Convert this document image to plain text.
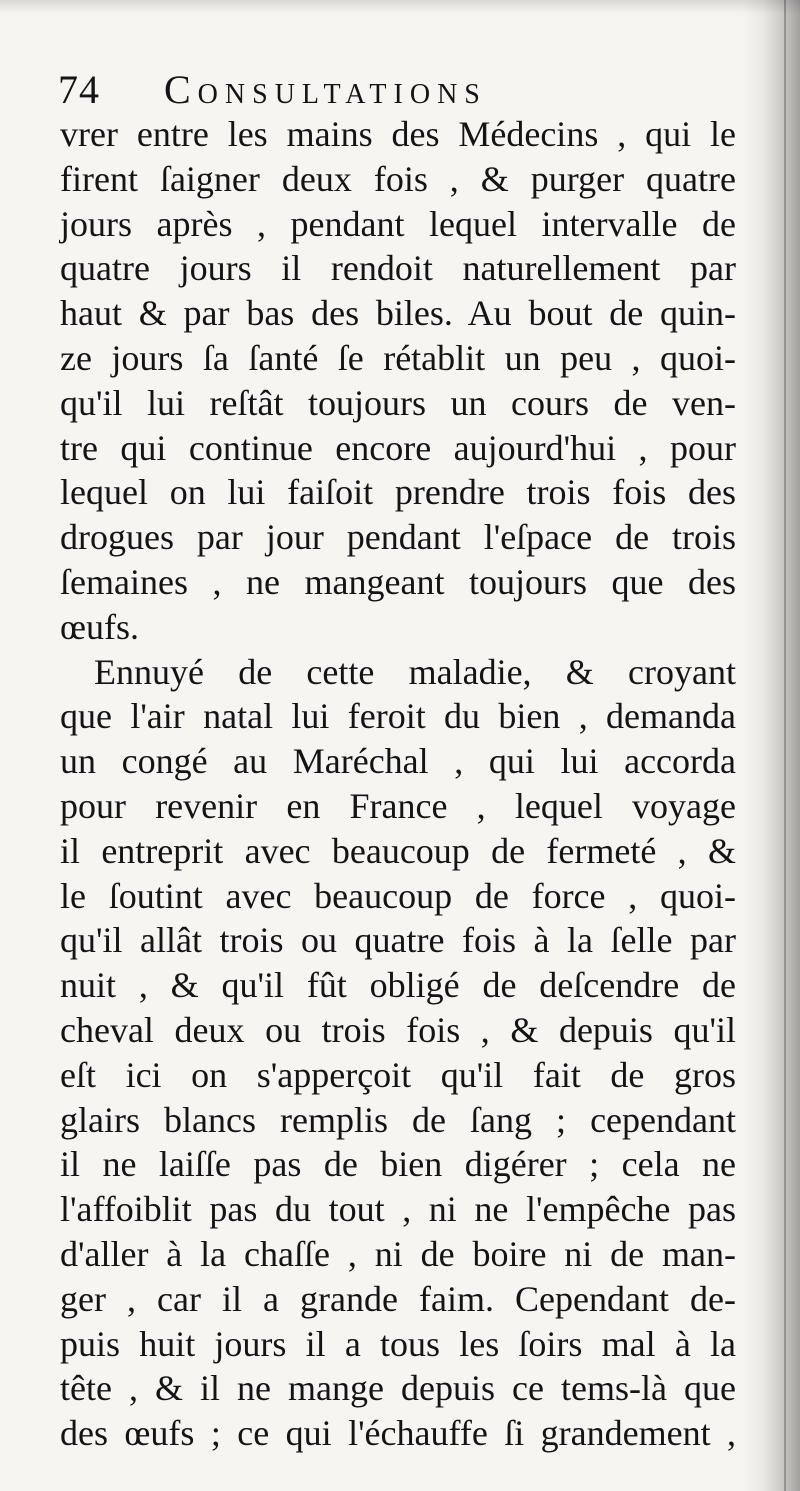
74 Consultations
vrer entre les mains des Médecins , qui le
firent ſaigner deux fois , & purger quatre
jours après , pendant lequel intervalle de
quatre jours il rendoit naturellement par
haut & par bas des biles. Au bout de quin-
ze jours ſa ſanté ſe rétablit un peu , quoi-
qu'il lui reſtât toujours un cours de ven-
tre qui continue encore aujourd'hui , pour
lequel on lui faiſoit prendre trois fois des
drogues par jour pendant l'eſpace de trois
ſemaines , ne mangeant toujours que des
œufs.
Ennuyé de cette maladie, & croyant
que l'air natal lui feroit du bien , demanda
un congé au Maréchal , qui lui accorda
pour revenir en France , lequel voyage
il entreprit avec beaucoup de fermeté , &
le ſoutint avec beaucoup de force , quoi-
qu'il allât trois ou quatre fois à la ſelle par
nuit , & qu'il fût obligé de deſcendre de
cheval deux ou trois fois , & depuis qu'il
eſt ici on s'apperçoit qu'il fait de gros
glairs blancs remplis de ſang ; cependant
il ne laiſſe pas de bien digérer ; cela ne
l'affoiblit pas du tout , ni ne l'empêche pas
d'aller à la chaſſe , ni de boire ni de man-
ger , car il a grande faim. Cependant de-
puis huit jours il a tous les ſoirs mal à la
tête , & il ne mange depuis ce tems-là que
des œufs ; ce qui l'échauffe ſi grandement ,
